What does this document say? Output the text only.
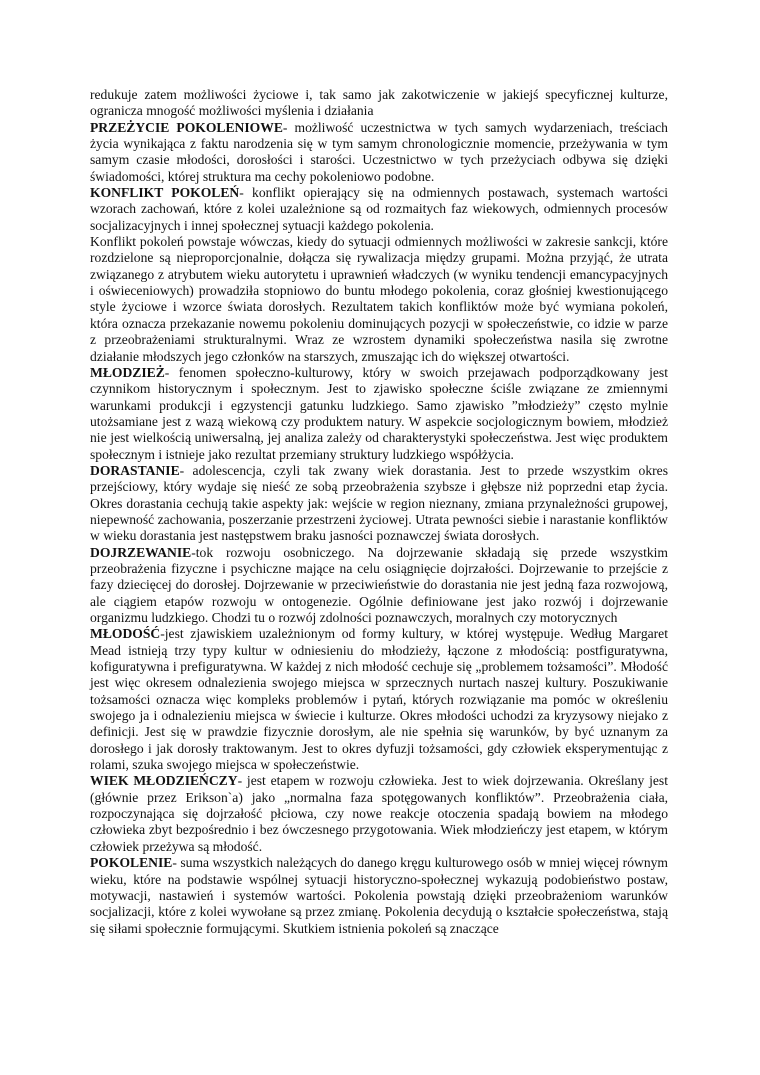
redukuje zatem możliwości życiowe i, tak samo jak zakotwiczenie w jakiejś specyficznej kulturze, ogranicza mnogość możliwości myślenia i działania

PRZEŻYCIE POKOLENIOWE- możliwość uczestnictwa w tych samych wydarzeniach, treściach życia wynikająca z faktu narodzenia się w tym samym chronologicznie momencie, przeżywania w tym samym czasie młodości, dorosłości i starości. Uczestnictwo w tych przeżyciach odbywa się dzięki świadomości, której struktura ma cechy pokoleniowo podobne.

KONFLIKT POKOLEŃ- konflikt opierający się na odmiennych postawach, systemach wartości wzorach zachowań, które z kolei uzależnione są od rozmaitych faz wiekowych, odmiennych procesów socjalizacyjnych i innej społecznej sytuacji każdego pokolenia.

Konflikt pokoleń powstaje wówczas, kiedy do sytuacji odmiennych możliwości w zakresie sankcji, które rozdzielone są nieproporcjonalnie, dołącza się rywalizacja między grupami. Można przyjąć, że utrata związanego z atrybutem wieku autorytetu i uprawnień władczych (w wyniku tendencji emancypacyjnych i oświeceniowych) prowadziła stopniowo do buntu młodego pokolenia, coraz głośniej kwestionującego style życiowe i wzorce świata dorosłych. Rezultatem takich konfliktów może być wymiana pokoleń, która oznacza przekazanie nowemu pokoleniu dominujących pozycji w społeczeństwie, co idzie w parze z przeobrażeniami strukturalnymi. Wraz ze wzrostem dynamiki społeczeństwa nasila się zwrotne działanie młodszych jego członków na starszych, zmuszając ich do większej otwartości.

MŁODZIEŻ- fenomen społeczno-kulturowy, który w swoich przejawach podporządkowany jest czynnikom historycznym i społecznym. Jest to zjawisko społeczne ściśle związane ze zmiennymi warunkami produkcji i egzystencji gatunku ludzkiego. Samo zjawisko ”młodzieży” często mylnie utożsamiane jest z wazą wiekową czy produktem natury. W aspekcie socjologicznym bowiem, młodzież nie jest wielkością uniwersalną, jej analiza zależy od charakterystyki społeczeństwa. Jest więc produktem społecznym i istnieje jako rezultat przemiany struktury ludzkiego współżycia.

DORASTANIE- adolescencja, czyli tak zwany wiek dorastania. Jest to przede wszystkim okres przejściowy, który wydaje się nieść ze sobą przeobrażenia szybsze i głębsze niż poprzedni etap życia. Okres dorastania cechują takie aspekty jak: wejście w region nieznany, zmiana przynależności grupowej, niepewność zachowania, poszerzanie przestrzeni życiowej. Utrata pewności siebie i narastanie konfliktów w wieku dorastania jest następstwem braku jasności poznawczej świata dorosłych.

DOJRZEWANIE-tok rozwoju osobniczego. Na dojrzewanie składają się przede wszystkim przeobrażenia fizyczne i psychiczne mające na celu osiągnięcie dojrzałości. Dojrzewanie to przejście z fazy dziecięcej do dorosłej. Dojrzewanie w przeciwieństwie do dorastania nie jest jedną faza rozwojową, ale ciągiem etapów rozwoju w ontogenezie. Ogólnie definiowane jest jako rozwój i dojrzewanie organizmu ludzkiego. Chodzi tu o rozwój zdolności poznawczych, moralnych czy motorycznych

MŁODOŚĆ-jest zjawiskiem uzależnionym od formy kultury, w której występuje. Według Margaret Mead istnieją trzy typy kultur w odniesieniu do młodzieży, łączone z młodością: postfiguratywna, kofiguratywna i prefiguratywna. W każdej z nich młodość cechuje się „problemem tożsamości”. Młodość jest więc okresem odnalezienia swojego miejsca w sprzecznych nurtach naszej kultury. Poszukiwanie tożsamości oznacza więc kompleks problemów i pytań, których rozwiązanie ma pomóc w określeniu swojego ja i odnalezieniu miejsca w świecie i kulturze. Okres młodości uchodzi za kryzysowy niejako z definicji. Jest się w prawdzie fizycznie dorosłym, ale nie spełnia się warunków, by być uznanym za dorosłego i jak dorosły traktowanym. Jest to okres dyfuzji tożsamości, gdy człowiek eksperymentując z rolami, szuka swojego miejsca w społeczeństwie.

WIEK MŁODZIEŃCZY- jest etapem w rozwoju człowieka. Jest to wiek dojrzewania. Określany jest (głównie przez Erikson`a) jako „normalna faza spotęgowanych konfliktów”. Przeobrażenia ciała, rozpoczynająca się dojrzałość płciowa, czy nowe reakcje otoczenia spadają bowiem na młodego człowieka zbyt bezpośrednio i bez ówczesnego przygotowania. Wiek młodzieńczy jest etapem, w którym człowiek przeżywa są młodość.

POKOLENIE- suma wszystkich należących do danego kręgu kulturowego osób w mniej więcej równym wieku, które na podstawie wspólnej sytuacji historyczno-społecznej wykazują podobieństwo postaw, motywacji, nastawień i systemów wartości. Pokolenia powstają dzięki przeobrażeniom warunków socjalizacji, które z kolei wywołane są przez zmianę. Pokolenia decydują o kształcie społeczeństwa, stają się siłami społecznie formującymi. Skutkiem istnienia pokoleń są znaczące
